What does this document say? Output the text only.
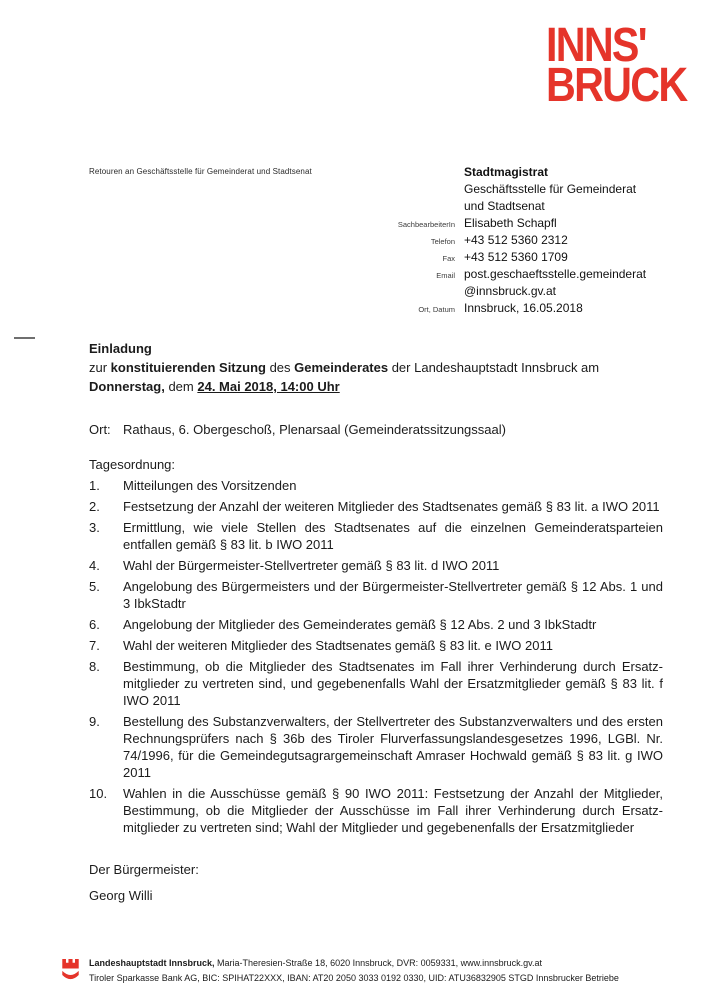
INNS'
BRUCK
Retouren an Geschäftsstelle für Gemeinderat und Stadtsenat	Stadtmagistrat
Geschäftsstelle für Gemeinderat
und Stadtsenat
SachbearbeiterIn Elisabeth Schapfl
Telefon +43 512 5360 2312
Fax +43 512 5360 1709
Email post.geschaeftsstelle.gemeinderat
@innsbruck.gv.at
Ort, Datum Innsbruck, 16.05.2018
Einladung

zur konstituierenden Sitzung des Gemeinderates der Landeshauptstadt Innsbruck am
Donnerstag, dem 24. Mai 2018, 14:00 Uhr

Ort: Rathaus, 6. Obergeschoß, Plenarsaal (Gemeinderatssitzungssaal)
Tagesordnung:
1.	Mitteilungen des Vorsitzenden
2.	Festsetzung der Anzahl der weiteren Mitglieder des Stadtsenates gemäß § 83 lit. a IWO 2011
3.	Ermittlung, wie viele Stellen des Stadtsenates auf die einzelnen Gemeinderatsparteien entfallen gemäß § 83 lit. b IWO 2011
4.	Wahl der Bürgermeister-Stellvertreter gemäß § 83 lit. d IWO 2011
5.	Angelobung des Bürgermeisters und der Bürgermeister-Stellvertreter gemäß § 12 Abs. 1 und 3 IbkStadtr
6.	Angelobung der Mitglieder des Gemeinderates gemäß § 12 Abs. 2 und 3 IbkStadtr
7.	Wahl der weiteren Mitglieder des Stadtsenates gemäß § 83 lit. e IWO 2011
8.	Bestimmung, ob die Mitglieder des Stadtsenates im Fall ihrer Verhinderung durch Ersatz-mitglieder zu vertreten sind, und gegebenenfalls Wahl der Ersatzmitglieder gemäß § 83 lit. f IWO 2011
9.	Bestellung des Substanzverwalters, der Stellvertreter des Substanzverwalters und des ersten Rechnungsprüfers nach § 36b des Tiroler Flurverfassungslandesgesetzes 1996, LGBl. Nr. 74/1996, für die Gemeindegutsagrargemeinschaft Amraser Hochwald gemäß § 83 lit. g IWO 2011
10.	Wahlen in die Ausschüsse gemäß § 90 IWO 2011: Festsetzung der Anzahl der Mitglieder, Bestimmung, ob die Mitglieder der Ausschüsse im Fall ihrer Verhinderung durch Ersatz-mitglieder zu vertreten sind; Wahl der Mitglieder und gegebenenfalls der Ersatzmitglieder
Der Bürgermeister:
Georg Willi
Landeshauptstadt Innsbruck, Maria-Theresien-Straße 18, 6020 Innsbruck, DVR: 0059331, www.innsbruck.gv.at
Tiroler Sparkasse Bank AG, BIC: SPIHAT22XXX, IBAN: AT20 2050 3033 0192 0330, UID: ATU36832905 STGD Innsbrucker Betriebe
